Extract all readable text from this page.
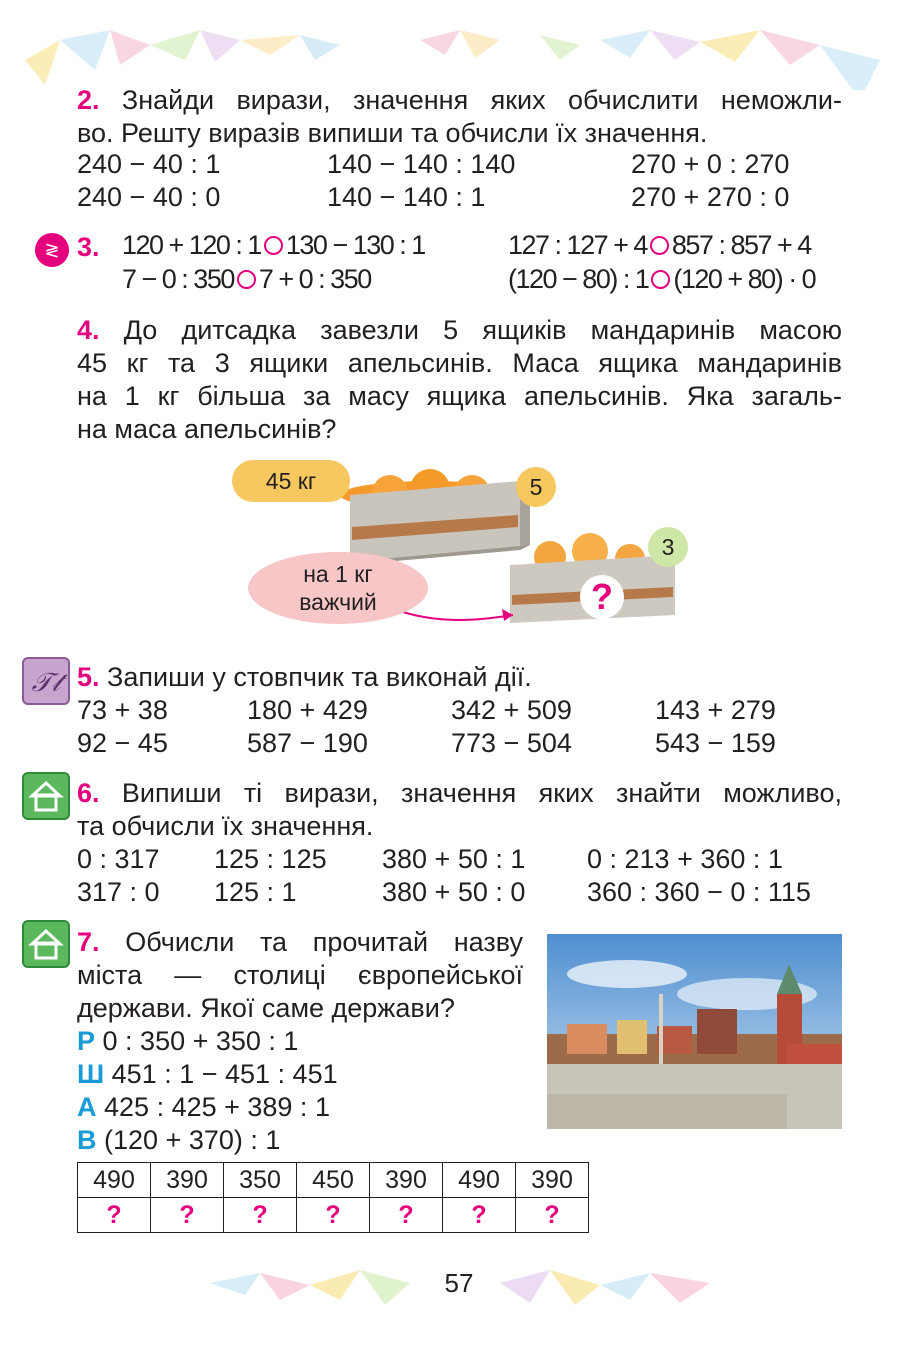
2. Знайди вирази, значення яких обчислити неможли-
во. Решту виразів випиши та обчисли їх значення.
240 − 40 : 1	140 − 140 : 140	270 + 0 : 270
240 − 40 : 0	140 − 140 : 1	270 + 270 : 0
≷ 3. 120 + 120 : 1 130 − 130 : 1	127 : 127 + 4 857 : 857 + 4
7 − 0 : 350 7 + 0 : 350	(120 − 80) : 1 (120 + 80) · 0
4. До дитсадка завезли 5 ящиків мандаринів масою
45 кг та 3 ящики апельсинів. Маса ящика мандаринів
на 1 кг більша за масу ящика апельсинів. Яка загаль-
на маса апельсинів?
45 кг	5
3
на 1 кг
важчий	?
𝒯𝓉 5. Запиши у стовпчик та виконай дії.
73 + 38	180 + 429	342 + 509	143 + 279
92 − 45	587 − 190	773 − 504	543 − 159
6. Випиши ті вирази, значення яких знайти можливо,
та обчисли їх значення.
0 : 317	125 : 125	380 + 50 : 1	0 : 213 + 360 : 1
317 : 0	125 : 1	380 + 50 : 0	360 : 360 − 0 : 115
7. Обчисли та прочитай назву
міста — столиці європейської
держави. Якої саме держави?
Р 0 : 350 + 350 : 1
Ш 451 : 1 − 451 : 451
А 425 : 425 + 389 : 1
В (120 + 370) : 1
490	390	350	450	390	490	390
?	?	?	?	?	?	?
57
